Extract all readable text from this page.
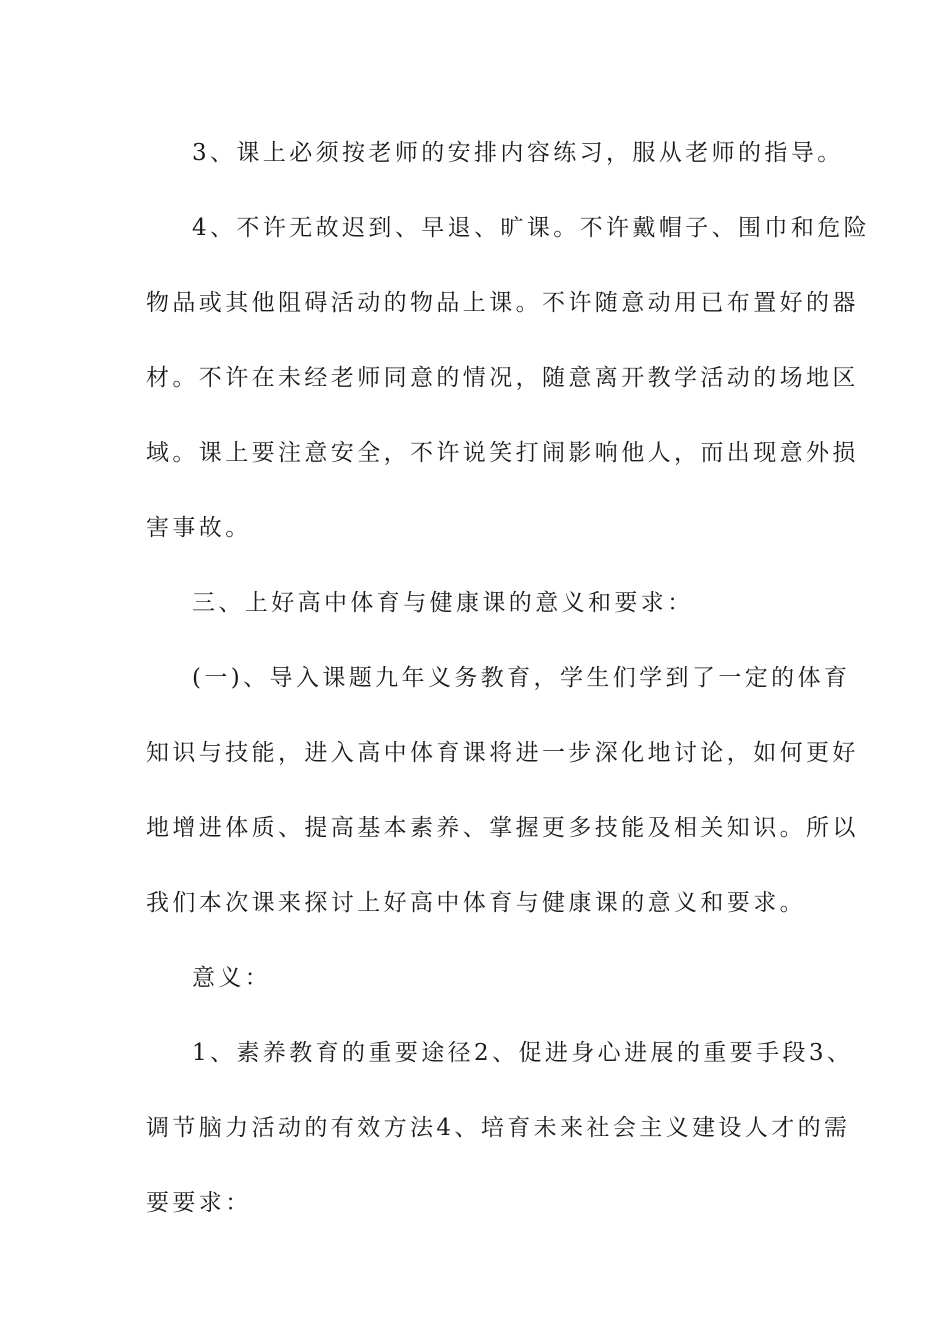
3、课上必须按老师的安排内容练习，服从老师的指导。
4、不许无故迟到、早退、旷课。不许戴帽子、围巾和危险
物品或其他阻碍活动的物品上课。不许随意动用已布置好的器
材。不许在未经老师同意的情况，随意离开教学活动的场地区
域。课上要注意安全，不许说笑打闹影响他人，而出现意外损
害事故。
三、上好高中体育与健康课的意义和要求：
(一)、导入课题九年义务教育，学生们学到了一定的体育
知识与技能，进入高中体育课将进一步深化地讨论，如何更好
地增进体质、提高基本素养、掌握更多技能及相关知识。所以
我们本次课来探讨上好高中体育与健康课的意义和要求。
意义：
1、素养教育的重要途径2、促进身心进展的重要手段3、
调节脑力活动的有效方法4、培育未来社会主义建设人才的需
要要求：
